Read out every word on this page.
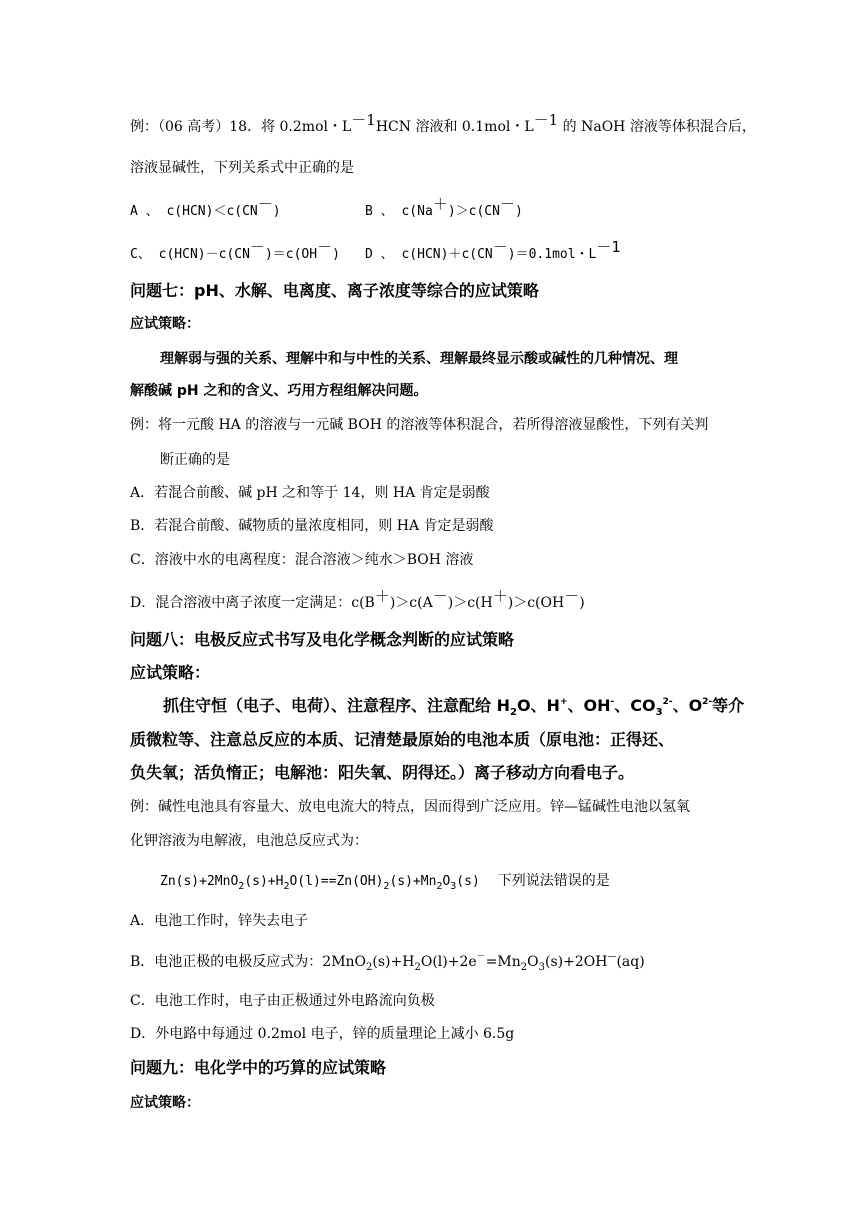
例：（06 高考）18．将 0.2mol・L－1HCN 溶液和 0.1mol・L－1 的 NaOH 溶液等体积混合后，
溶液显碱性，下列关系式中正确的是
A 、 c(HCN)＜c(CN－)	B 、 c(Na＋)＞c(CN－)
C、 c(HCN)－c(CN－)＝c(OH－) D 、 c(HCN)＋c(CN－)＝0.1mol・L－1
问题七：pH、水解、电离度、离子浓度等综合的应试策略
应试策略：
理解弱与强的关系、理解中和与中性的关系、理解最终显示酸或碱性的几种情况、理
解酸碱 pH 之和的含义、巧用方程组解决问题。
例：将一元酸 HA 的溶液与一元碱 BOH 的溶液等体积混合，若所得溶液显酸性，下列有关判
断正确的是
A．若混合前酸、碱 pH 之和等于 14，则 HA 肯定是弱酸
B．若混合前酸、碱物质的量浓度相同，则 HA 肯定是弱酸
C．溶液中水的电离程度：混合溶液＞纯水＞BOH 溶液
D．混合溶液中离子浓度一定满足：c(B＋)＞c(A－)＞c(H＋)＞c(OH－)
问题八：电极反应式书写及电化学概念判断的应试策略
应试策略：
抓住守恒（电子、电荷）、注意程序、注意配给 $H_2O$、H+、OH-、$CO_3^{2-}$、$O^{2-}$等介
质微粒等、注意总反应的本质、记清楚最原始的电池本质（原电池：正得还、
负失氧；活负惰正；电解池：阳失氧、阴得还。）离子移动方向看电子。
例：碱性电池具有容量大、放电电流大的特点，因而得到广泛应用。锌—锰碱性电池以氢氧
化钾溶液为电解液，电池总反应式为：
$Zn(s)+2MnO_2(s)+H_2O(l)==Zn(OH)_2(s)+Mn_2O_3(s)$ 下列说法错误的是
A．电池工作时，锌失去电子
B．电池正极的电极反应式为：$2MnO_2(s)+H_2O(l)+2e^-=Mn_2O_3(s)+2OH^—(aq)$
C．电池工作时，电子由正极通过外电路流向负极
D．外电路中每通过 0.2mol 电子，锌的质量理论上减小 6.5g
问题九：电化学中的巧算的应试策略
应试策略：
